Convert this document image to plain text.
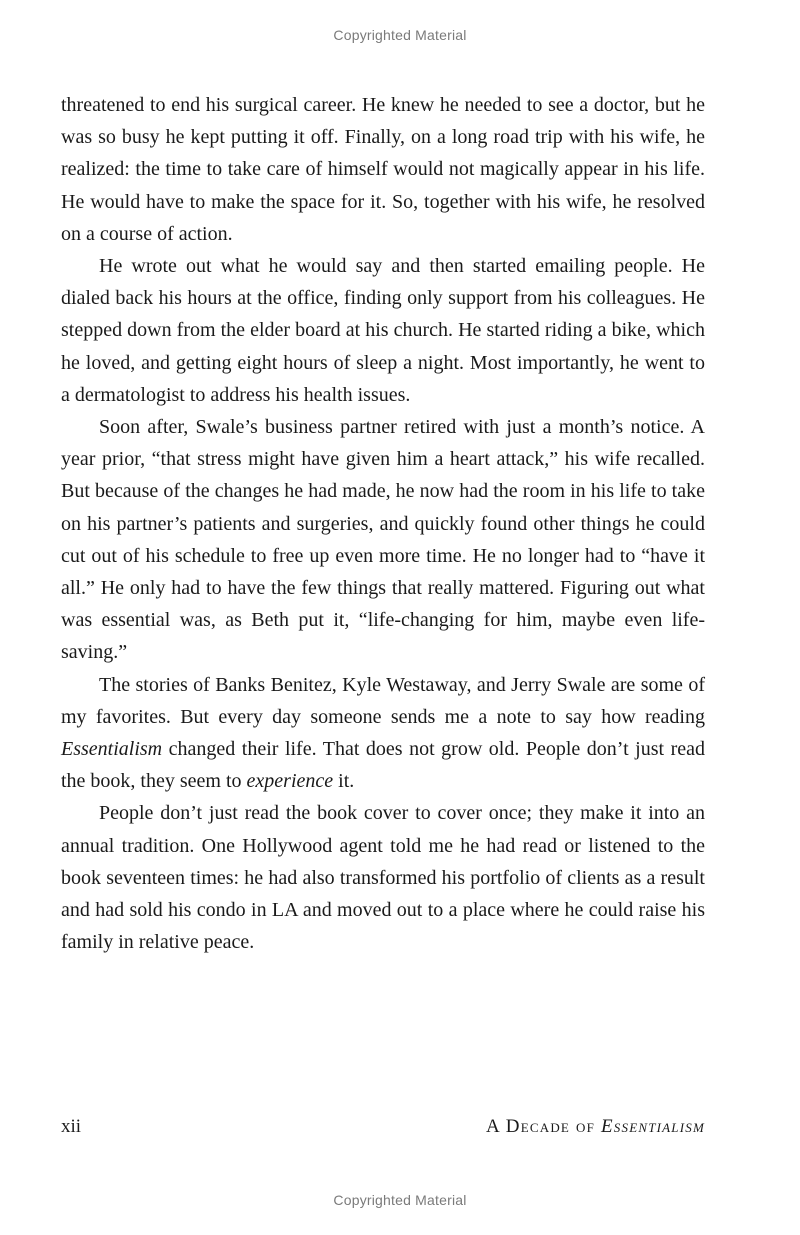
Copyrighted Material

threatened to end his surgical career. He knew he needed to see a doctor, but he was so busy he kept putting it off. Finally, on a long road trip with his wife, he realized: the time to take care of himself would not magically appear in his life. He would have to make the space for it. So, together with his wife, he resolved on a course of action.

He wrote out what he would say and then started emailing people. He dialed back his hours at the office, finding only support from his colleagues. He stepped down from the elder board at his church. He started riding a bike, which he loved, and getting eight hours of sleep a night. Most importantly, he went to a dermatologist to address his health issues.

Soon after, Swale’s business partner retired with just a month’s notice. A year prior, “that stress might have given him a heart attack,” his wife recalled. But because of the changes he had made, he now had the room in his life to take on his partner’s patients and surgeries, and quickly found other things he could cut out of his schedule to free up even more time. He no longer had to “have it all.” He only had to have the few things that really mattered. Figuring out what was essential was, as Beth put it, “life-changing for him, maybe even life-saving.”

The stories of Banks Benitez, Kyle Westaway, and Jerry Swale are some of my favorites. But every day someone sends me a note to say how reading Essentialism changed their life. That does not grow old. People don’t just read the book, they seem to experience it.

People don’t just read the book cover to cover once; they make it into an annual tradition. One Hollywood agent told me he had read or listened to the book seventeen times: he had also transformed his portfolio of clients as a result and had sold his condo in LA and moved out to a place where he could raise his family in relative peace.

xii	A Decade of Essentialism
Copyrighted Material
